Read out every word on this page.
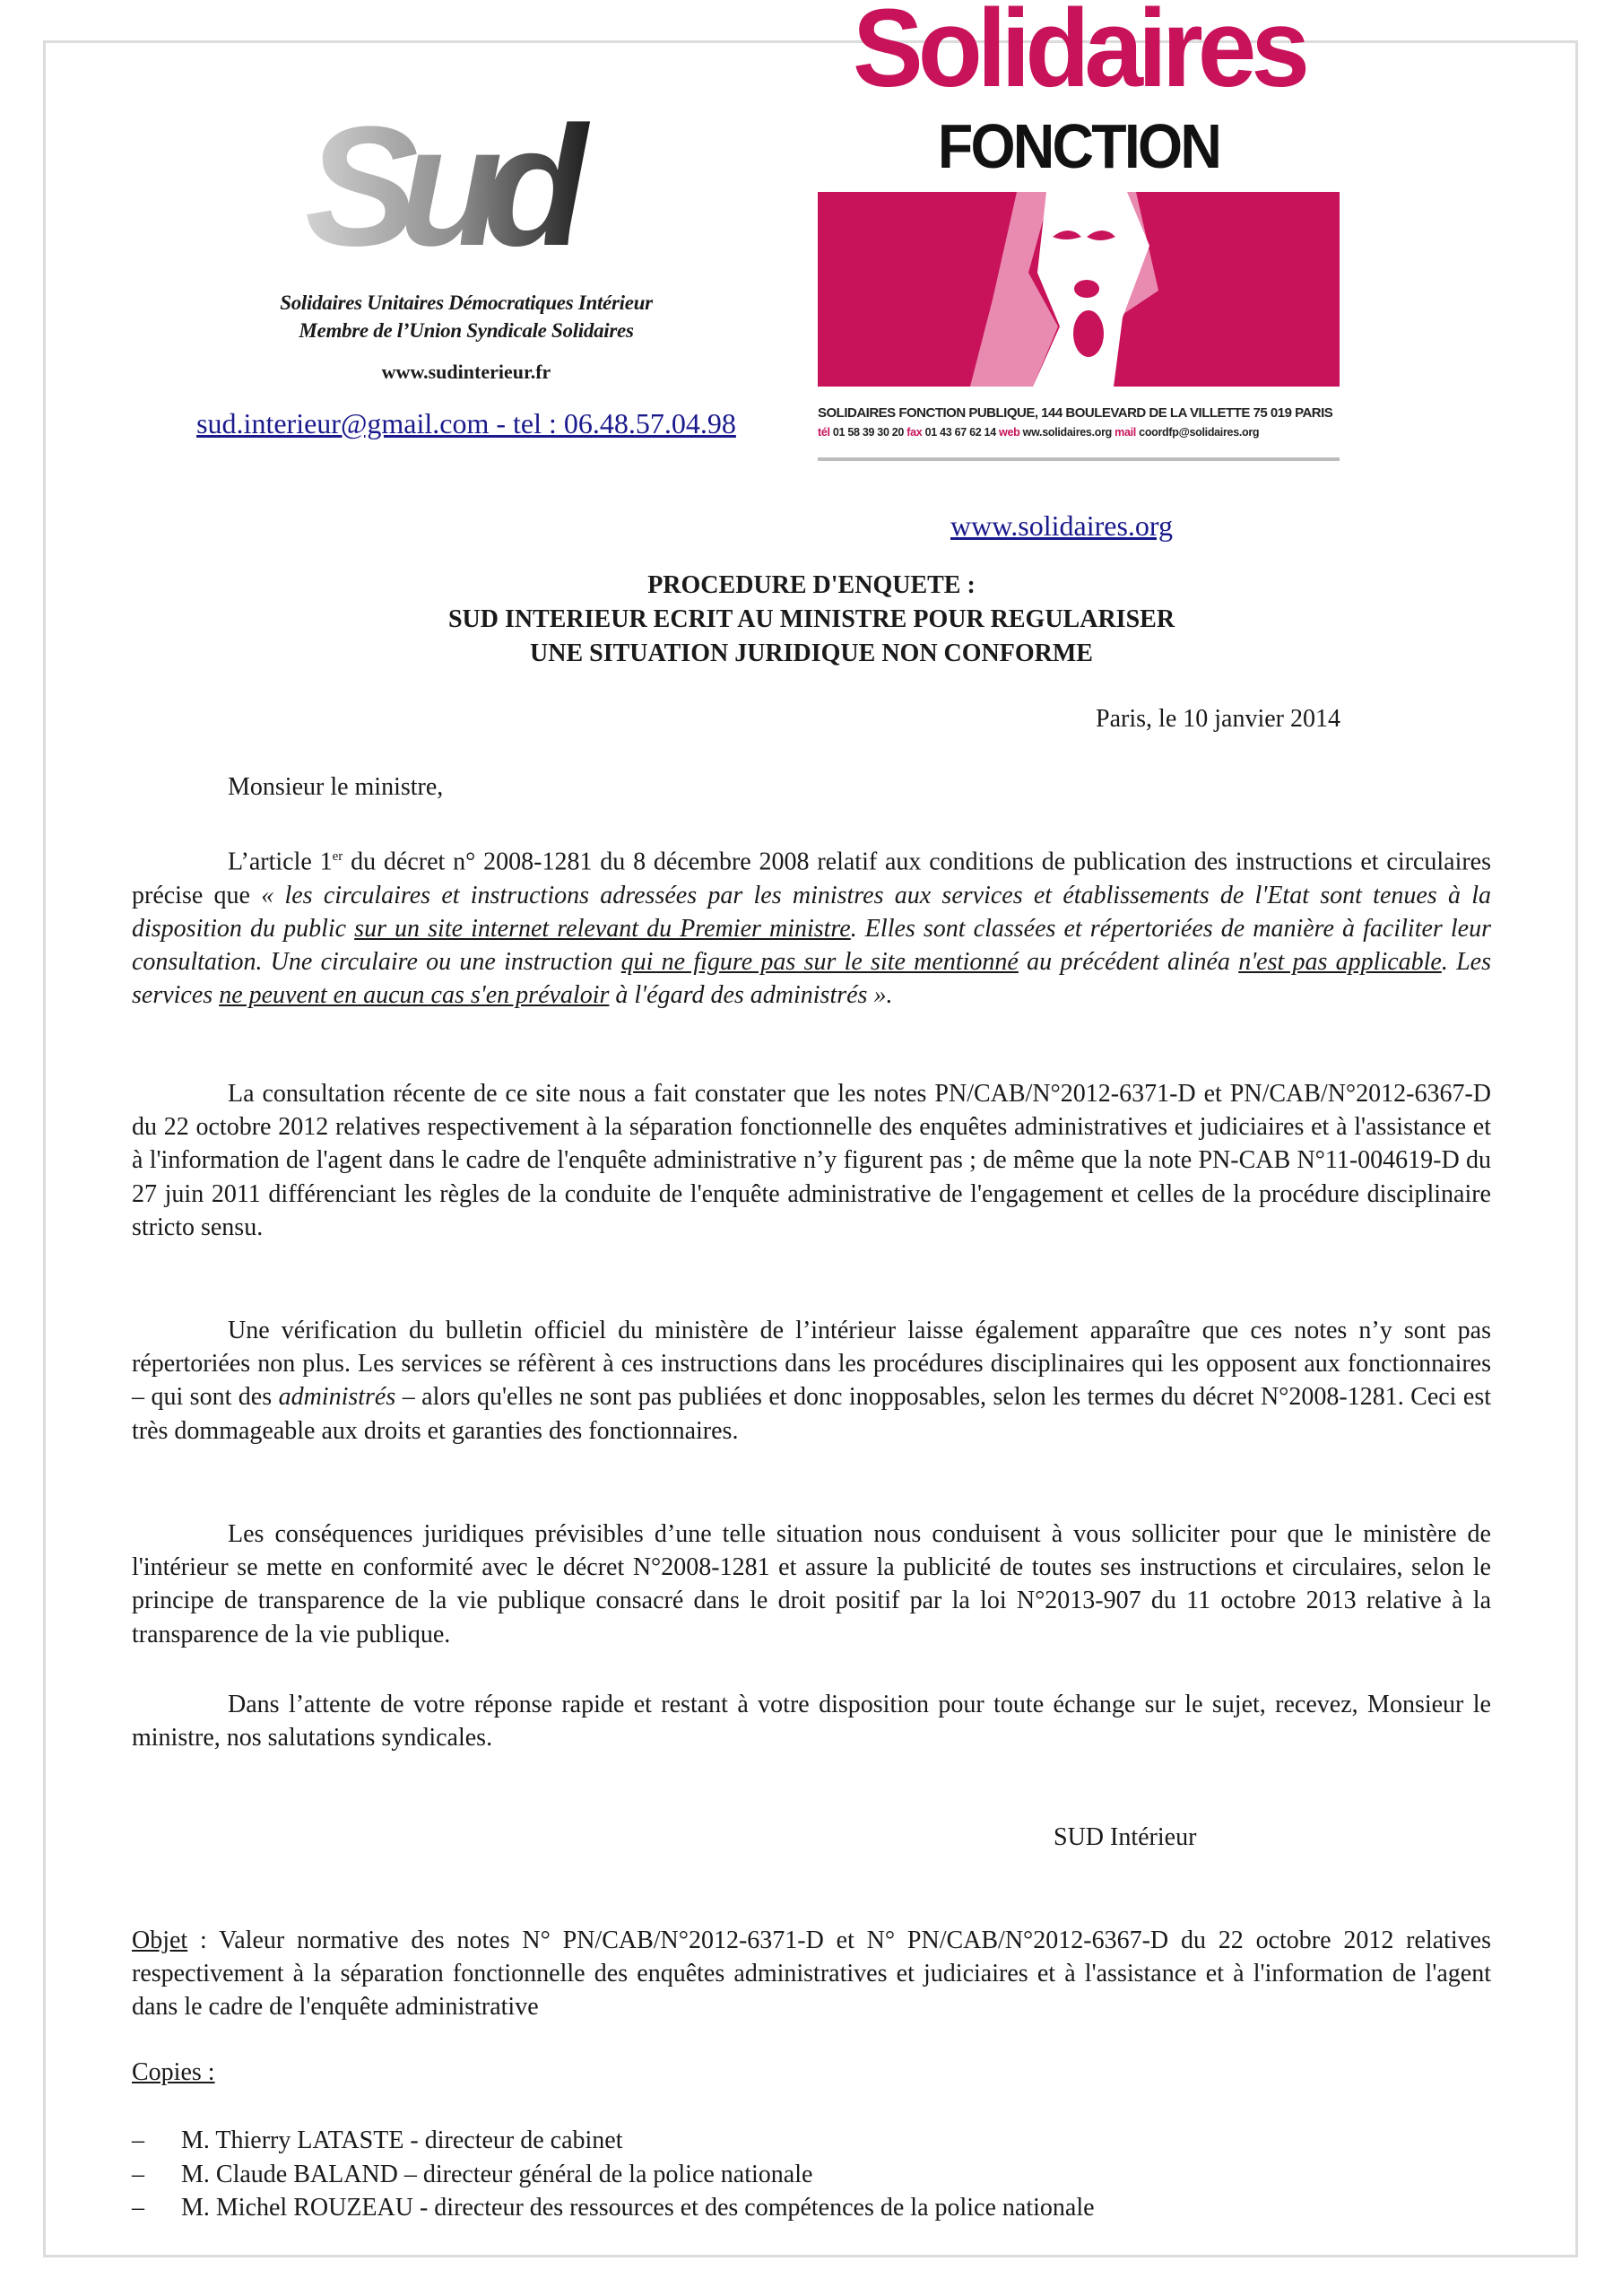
Sud
Solidaires Unitaires Démocratiques Intérieur
Membre de l’Union Syndicale Solidaires
www.sudinterieur.fr
sud.interieur@gmail.com - tel : 06.48.57.04.98
Solidaires
FONCTION
SOLIDAIRES FONCTION PUBLIQUE, 144 BOULEVARD DE LA VILLETTE 75 019 PARIS
tél 01 58 39 30 20 fax 01 43 67 62 14 web ww.solidaires.org mail coordfp@solidaires.org
www.solidaires.org
PROCEDURE D'ENQUETE :
SUD INTERIEUR ECRIT AU MINISTRE POUR REGULARISER
UNE SITUATION JURIDIQUE NON CONFORME
Paris, le 10 janvier 2014
Monsieur le ministre,
L’article 1er du décret n° 2008-1281 du 8 décembre 2008 relatif aux conditions de publication des instructions et circulaires précise que « les circulaires et instructions adressées par les ministres aux services et établissements de l'Etat sont tenues à la disposition du public sur un site internet relevant du Premier ministre. Elles sont classées et répertoriées de manière à faciliter leur consultation. Une circulaire ou une instruction qui ne figure pas sur le site mentionné au précédent alinéa n'est pas applicable. Les services ne peuvent en aucun cas s'en prévaloir à l'égard des administrés ».
La consultation récente de ce site nous a fait constater que les notes PN/CAB/N°2012-6371-D et PN/CAB/N°2012-6367-D du 22 octobre 2012 relatives respectivement à la séparation fonctionnelle des enquêtes administratives et judiciaires et à l'assistance et à l'information de l'agent dans le cadre de l'enquête administrative n’y figurent pas ; de même que la note PN-CAB N°11-004619-D du 27 juin 2011 différenciant les règles de la conduite de l'enquête administrative de l'engagement et celles de la procédure disciplinaire stricto sensu.
Une vérification du bulletin officiel du ministère de l’intérieur laisse également apparaître que ces notes n’y sont pas répertoriées non plus. Les services se réfèrent à ces instructions dans les procédures disciplinaires qui les opposent aux fonctionnaires – qui sont des administrés – alors qu'elles ne sont pas publiées et donc inopposables, selon les termes du décret N°2008-1281. Ceci est très dommageable aux droits et garanties des fonctionnaires.
Les conséquences juridiques prévisibles d’une telle situation nous conduisent à vous solliciter pour que le ministère de l'intérieur se mette en conformité avec le décret N°2008-1281 et assure la publicité de toutes ses instructions et circulaires, selon le principe de transparence de la vie publique consacré dans le droit positif par la loi N°2013-907 du 11 octobre 2013 relative à la transparence de la vie publique.
Dans l’attente de votre réponse rapide et restant à votre disposition pour toute échange sur le sujet, recevez, Monsieur le ministre, nos salutations syndicales.
SUD Intérieur
Objet : Valeur normative des notes N° PN/CAB/N°2012-6371-D et N° PN/CAB/N°2012-6367-D du 22 octobre 2012 relatives respectivement à la séparation fonctionnelle des enquêtes administratives et judiciaires et à l'assistance et à l'information de l'agent dans le cadre de l'enquête administrative
Copies :
–	M. Thierry LATASTE - directeur de cabinet
–	M. Claude BALAND – directeur général de la police nationale
–	M. Michel ROUZEAU - directeur des ressources et des compétences de la police nationale
